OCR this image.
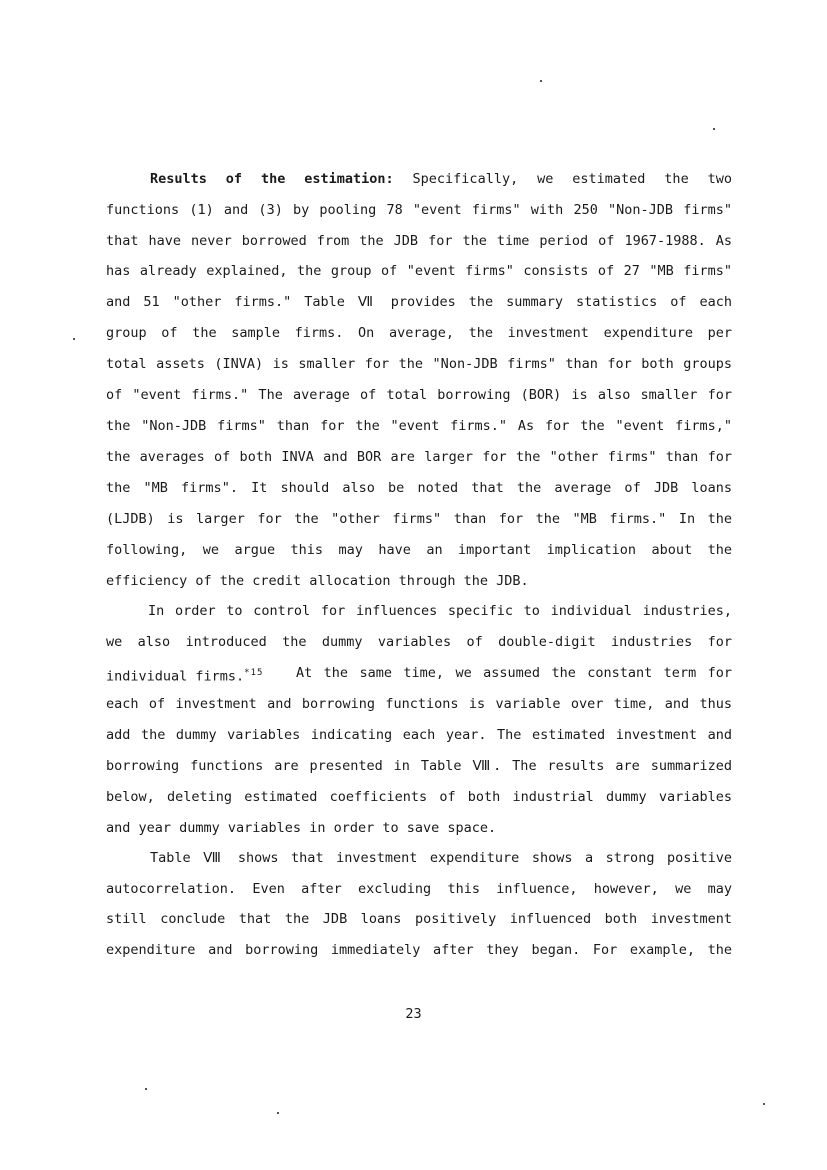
Results of the estimation: Specifically, we estimated the two
functions (1) and (3) by pooling 78 "event firms" with 250 "Non-JDB firms"
that have never borrowed from the JDB for the time period of 1967-1988. As
has already explained, the group of "event firms" consists of 27 "MB firms"
and 51 "other firms." Table Ⅶ provides the summary statistics of each
group of the sample firms. On average, the investment expenditure per
total assets (INVA) is smaller for the "Non-JDB firms" than for both groups
of "event firms." The average of total borrowing (BOR) is also smaller for
the "Non-JDB firms" than for the "event firms." As for the "event firms,"
the averages of both INVA and BOR are larger for the "other firms" than for
the "MB firms". It should also be noted that the average of JDB loans
(LJDB) is larger for the "other firms" than for the "MB firms." In the
following, we argue this may have an important implication about the
efficiency of the credit allocation through the JDB.
In order to control for influences specific to individual industries,
we also introduced the dummy variables of double-digit industries for
individual firms.$^{*15}$ At the same time, we assumed the constant term for
each of investment and borrowing functions is variable over time, and thus
add the dummy variables indicating each year. The estimated investment and
borrowing functions are presented in Table Ⅷ. The results are summarized
below, deleting estimated coefficients of both industrial dummy variables
and year dummy variables in order to save space.
Table Ⅷ shows that investment expenditure shows a strong positive
autocorrelation. Even after excluding this influence, however, we may
still conclude that the JDB loans positively influenced both investment
expenditure and borrowing immediately after they began. For example, the
23
